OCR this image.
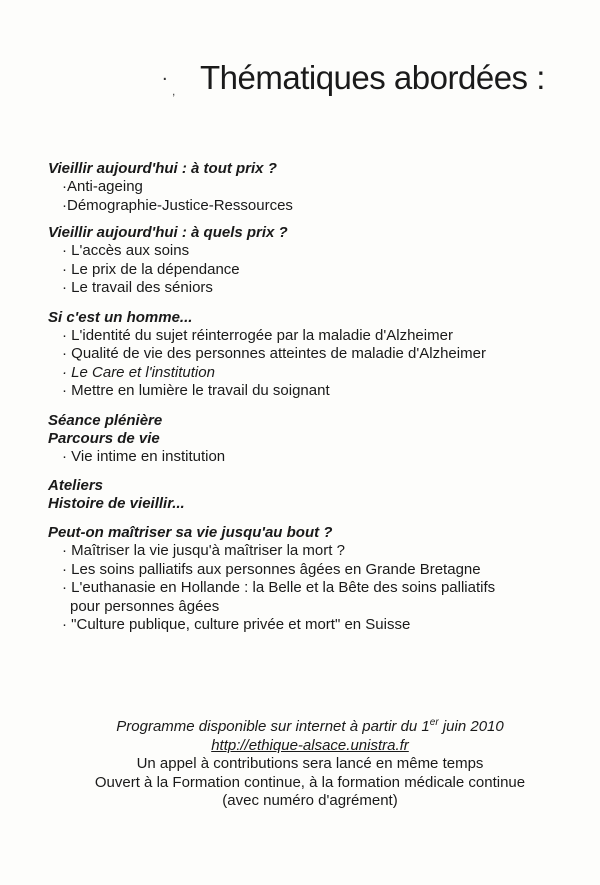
.
, Thématiques abordées :
Vieillir aujourd'hui : à tout prix ?
·Anti-ageing
·Démographie-Justice-Ressources
Vieillir aujourd'hui : à quels prix ?
· L'accès aux soins
· Le prix de la dépendance
· Le travail des séniors
Si c'est un homme...
· L'identité du sujet réinterrogée par la maladie d'Alzheimer
· Qualité de vie des personnes atteintes de maladie d'Alzheimer
· Le Care et l'institution
· Mettre en lumière le travail du soignant
Séance plénière
Parcours de vie
· Vie intime en institution
Ateliers
Histoire de vieillir...
Peut-on maîtriser sa vie jusqu'au bout ?
· Maîtriser la vie jusqu'à maîtriser la mort ?
· Les soins palliatifs aux personnes âgées en Grande Bretagne
· L'euthanasie en Hollande : la Belle et la Bête des soins palliatifs
pour personnes âgées
· "Culture publique, culture privée et mort" en Suisse
Programme disponible sur internet à partir du 1er juin 2010
http://ethique-alsace.unistra.fr
Un appel à contributions sera lancé en même temps
Ouvert à la Formation continue, à la formation médicale continue
(avec numéro d'agrément)
